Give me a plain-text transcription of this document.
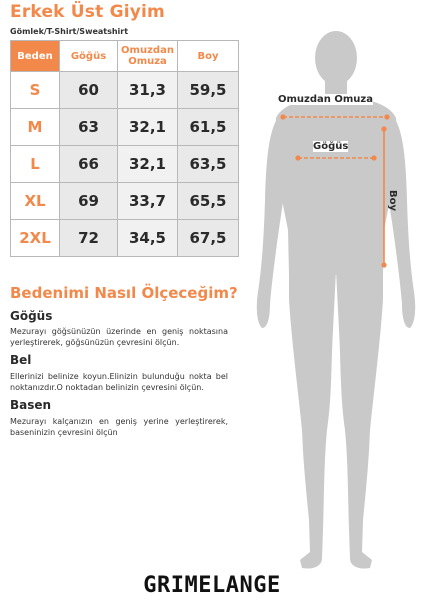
Erkek Üst Giyim
Gömlek/T-Shirt/Sweatshirt
Beden	Göğüs	Omuzdan Omuza	Boy
S	60	31,3	59,5
M	63	32,1	61,5
L	66	32,1	63,5
XL	69	33,7	65,5
2XL	72	34,5	67,5
Bedenimi Nasıl Ölçeceğim?
Göğüs
Mezurayı göğsünüzün üzerinde en geniş noktasına yerleştirerek, göğsünüzün çevresini ölçün.
Bel
Ellerinizi belinize koyun.Elinizin bulunduğu nokta bel noktanızdır.O noktadan belinizin çevresini ölçün.
Basen
Mezurayı kalçanızın en geniş yerine yerleştirerek, baseninizin çevresini ölçün
Omuzdan Omuza
Göğüs
Boy
GRIMELANGE
